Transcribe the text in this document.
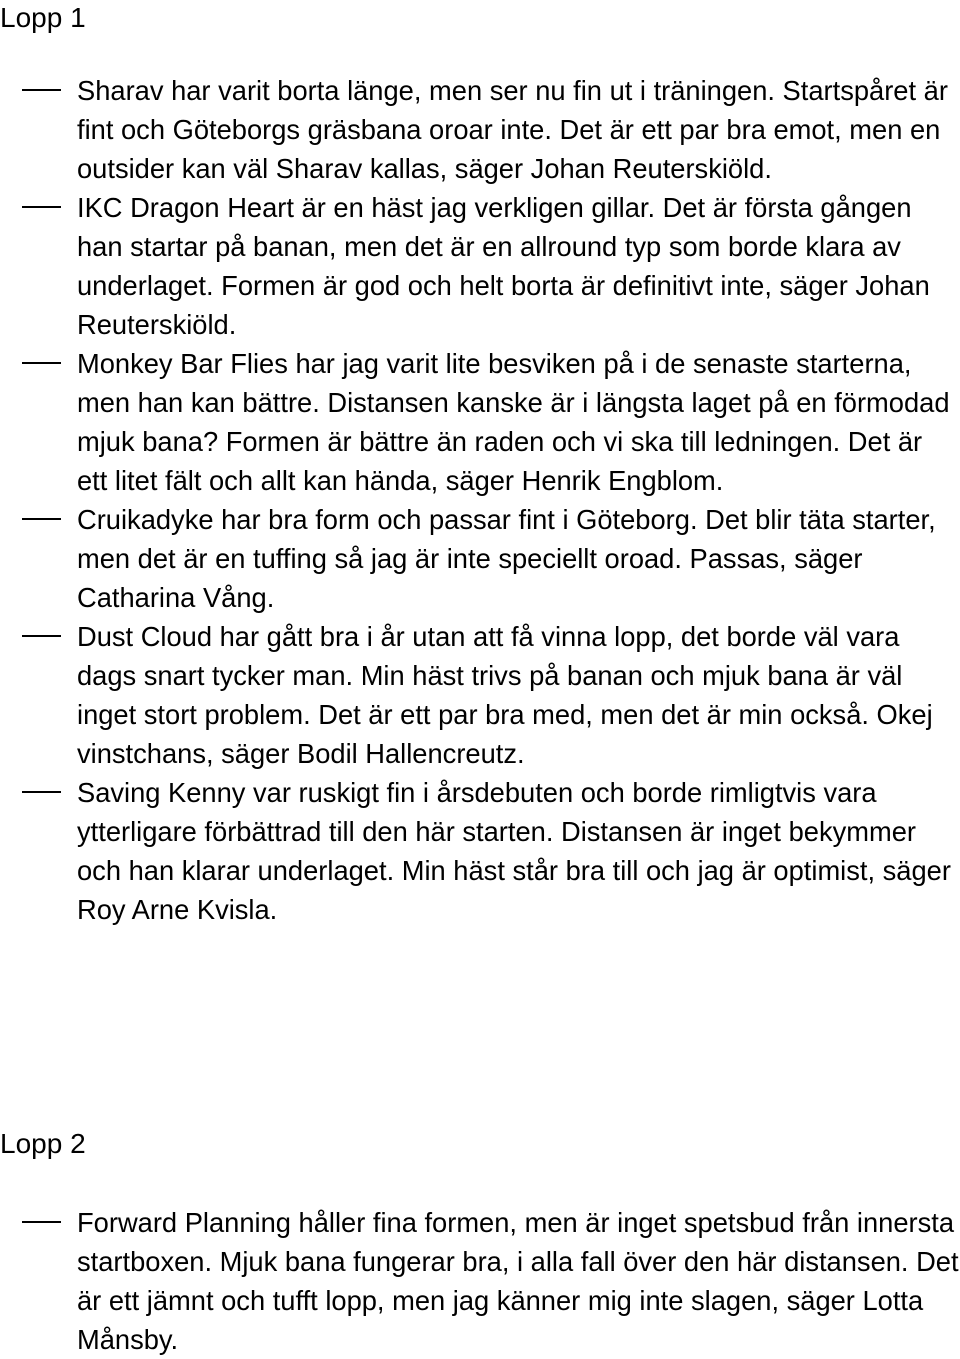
Lopp 1
Sharav har varit borta länge, men ser nu fin ut i träningen. Startspåret är fint och Göteborgs gräsbana oroar inte. Det är ett par bra emot, men en outsider kan väl Sharav kallas, säger Johan Reuterskiöld.
IKC Dragon Heart är en häst jag verkligen gillar. Det är första gången han startar på banan, men det är en allround typ som borde klara av underlaget. Formen är god och helt borta är definitivt inte, säger Johan Reuterskiöld.
Monkey Bar Flies har jag varit lite besviken på i de senaste starterna, men han kan bättre. Distansen kanske är i längsta laget på en förmodad mjuk bana? Formen är bättre än raden och vi ska till ledningen. Det är ett litet fält och allt kan hända, säger Henrik Engblom.
Cruikadyke har bra form och passar fint i Göteborg. Det blir täta starter, men det är en tuffing så jag är inte speciellt oroad. Passas, säger Catharina Vång.
Dust Cloud har gått bra i år utan att få vinna lopp, det borde väl vara dags snart tycker man. Min häst trivs på banan och mjuk bana är väl inget stort problem. Det är ett par bra med, men det är min också. Okej vinstchans, säger Bodil Hallencreutz.
Saving Kenny var ruskigt fin i årsdebuten och borde rimligtvis vara ytterligare förbättrad till den här starten. Distansen är inget bekymmer och han klarar underlaget. Min häst står bra till och jag är optimist, säger Roy Arne Kvisla.
Lopp 2
Forward Planning håller fina formen, men är inget spetsbud från innersta startboxen. Mjuk bana fungerar bra, i alla fall över den här distansen. Det är ett jämnt och tufft lopp, men jag känner mig inte slagen, säger Lotta Månsby.
